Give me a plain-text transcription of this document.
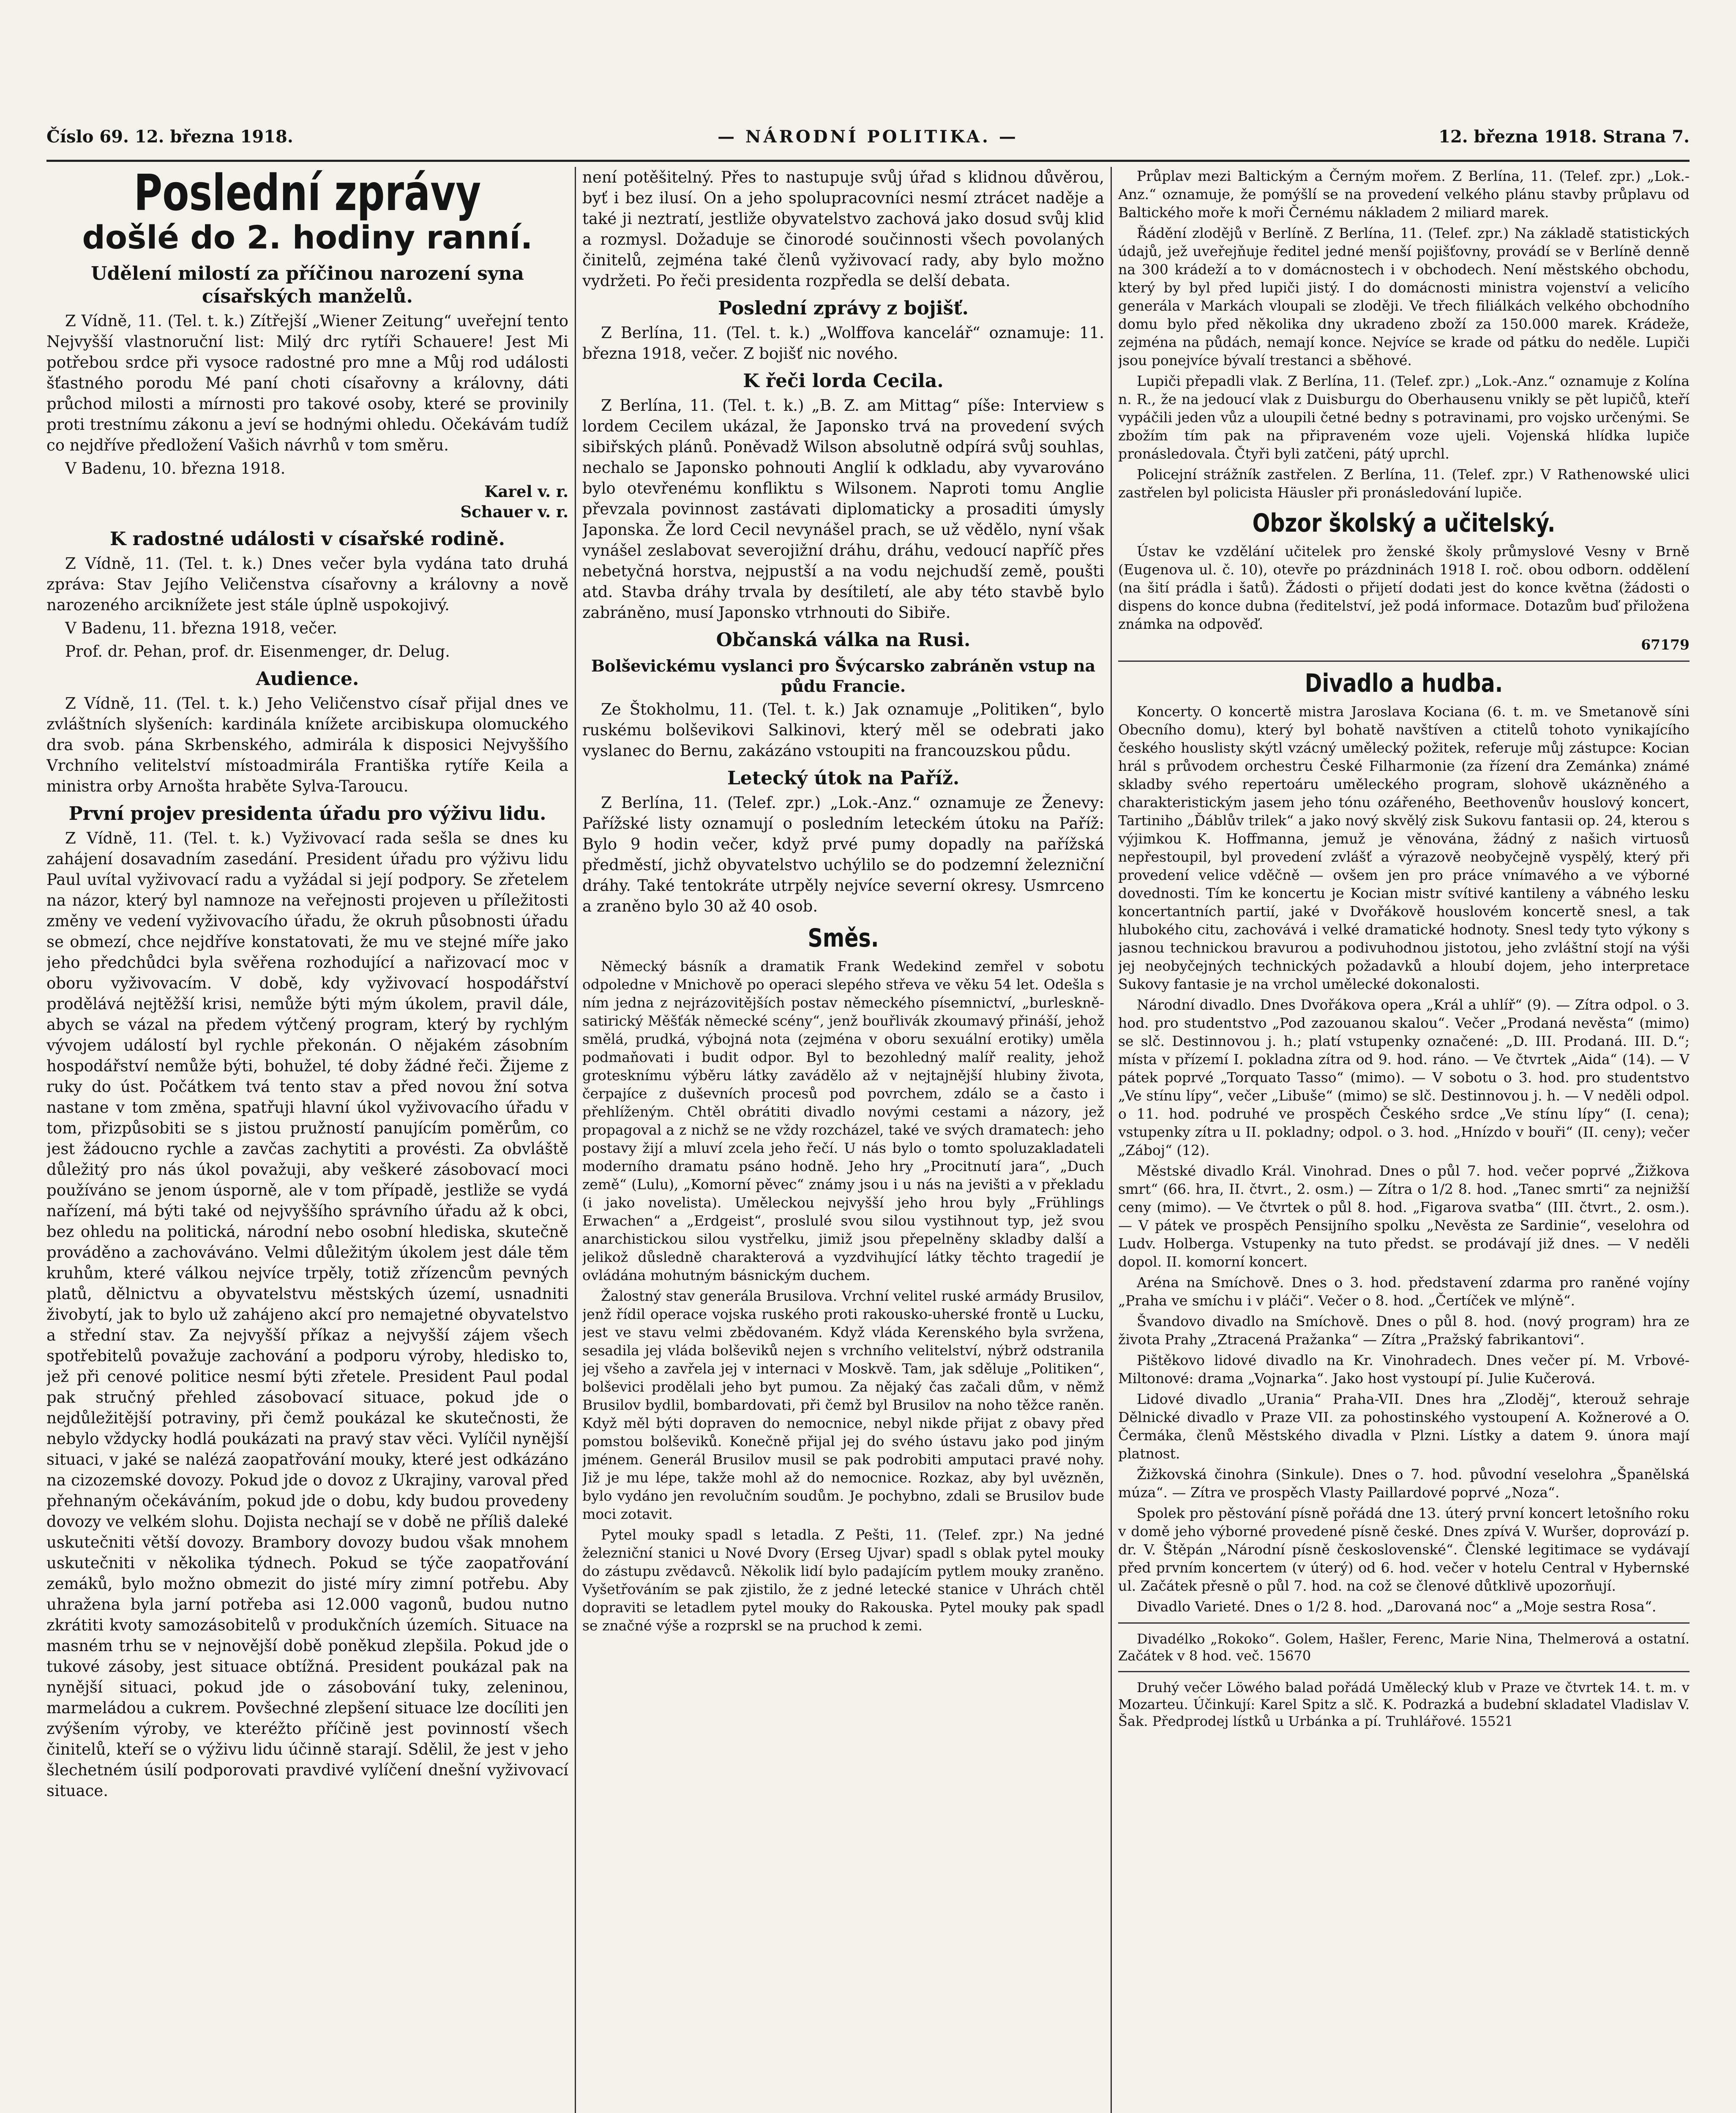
Číslo 69. 12. března 1918.	— NÁRODNÍ POLITIKA. —	12. března 1918. Strana 7.
Poslední zprávy
došlé do 2. hodiny ranní.
Udělení milostí za příčinou narození syna císařských manželů.

Z Vídně, 11. (Tel. t. k.) Zítřejší „Wiener Zeitung“ uveřejní tento Nejvyšší vlastnoruční list: Milý drc rytíři Schauere! Jest Mi potřebou srdce při vysoce radostné pro mne a Můj rod události šťastného porodu Mé paní choti císařovny a královny, dáti průchod milosti a mírnosti pro takové osoby, které se provinily proti trestnímu zákonu a jeví se hodnými ohledu. Očekávám tudíž co nejdříve předložení Vašich návrhů v tom směru.

V Badenu, 10. března 1918.

Karel v. r.

Schauer v. r.

K radostné události v císařské rodině.

Z Vídně, 11. (Tel. t. k.) Dnes večer byla vydána tato druhá zpráva: Stav Jejího Veličenstva císařovny a královny a nově narozeného arciknížete jest stále úplně uspokojivý.

V Badenu, 11. března 1918, večer.

Prof. dr. Pehan, prof. dr. Eisenmenger, dr. Delug.

Audience.

Z Vídně, 11. (Tel. t. k.) Jeho Veličenstvo císař přijal dnes ve zvláštních slyšeních: kardinála knížete arcibiskupa olomuckého dra svob. pána Skrbenského, admirála k disposici Nejvyššího Vrchního velitelství místoadmirála Františka rytíře Keila a ministra orby Arnošta hraběte Sylva-Taroucu.

První projev presidenta úřadu pro výživu lidu.

Z Vídně, 11. (Tel. t. k.) Vyživovací rada sešla se dnes ku zahájení dosavadním zasedání. President úřadu pro výživu lidu Paul uvítal vyživovací radu a vyžádal si její podpory. Se zřetelem na názor, který byl namnoze na veřejnosti projeven u příležitosti změny ve vedení vyživovacího úřadu, že okruh působnosti úřadu se obmezí, chce nejdříve konstatovati, že mu ve stejné míře jako jeho předchůdci byla svěřena rozhodující a nařizovací moc v oboru vyživovacím. V době, kdy vyživovací hospodářství prodělává nejtěžší krisi, nemůže býti mým úkolem, pravil dále, abych se vázal na předem výtčený program, který by rychlým vývojem událostí byl rychle překonán. O nějakém zásobním hospodářství nemůže býti, bohužel, té doby žádné řeči. Žijeme z ruky do úst. Počátkem tvá tento stav a před novou žní sotva nastane v tom změna, spatřuji hlavní úkol vyživovacího úřadu v tom, přizpůsobiti se s jistou pružností panujícím poměrům, co jest žádoucno rychle a zavčas zachytiti a provésti. Za obvláště důležitý pro nás úkol považuji, aby veškeré zásobovací moci používáno se jenom úsporně, ale v tom případě, jestliže se vydá nařízení, má býti také od nejvyššího správního úřadu až k obci, bez ohledu na politická, národní nebo osobní hlediska, skutečně prováděno a zachováváno. Velmi důležitým úkolem jest dále těm kruhům, které válkou nejvíce trpěly, totiž zřízencům pevných platů, dělnictvu a obyvatelstvu městských území, usnadniti živobytí, jak to bylo už zahájeno akcí pro nemajetné obyvatelstvo a střední stav. Za nejvyšší příkaz a nejvyšší zájem všech spotřebitelů považuje zachování a podporu výroby, hledisko to, jež při cenové politice nesmí býti zřetele. President Paul podal pak stručný přehled zásobovací situace, pokud jde o nejdůležitější potraviny, při čemž poukázal ke skutečnosti, že nebylo vždycky hodlá poukázati na pravý stav věci. Vylíčil nynější situaci, v jaké se nalézá zaopatřování mouky, které jest odkázáno na cizozemské dovozy. Pokud jde o dovoz z Ukrajiny, varoval před přehnaným očekáváním, pokud jde o dobu, kdy budou provedeny dovozy ve velkém slohu. Dojista nechají se v době ne příliš daleké uskutečniti větší dovozy. Brambory dovozy budou však mnohem uskutečniti v několika týdnech. Pokud se týče zaopatřování zemáků, bylo možno obmezit do jisté míry zimní potřebu. Aby uhražena byla jarní potřeba asi 12.000 vagonů, budou nutno zkrátiti kvoty samozásobitelů v produkčních územích. Situace na masném trhu se v nejnovější době poněkud zlepšila. Pokud jde o tukové zásoby, jest situace obtížná. President poukázal pak na nynější situaci, pokud jde o zásobování tuky, zeleninou, marmeládou a cukrem. Povšechné zlepšení situace lze docíliti jen zvýšením výroby, ve kteréžto příčině jest povinností všech činitelů, kteří se o výživu lidu účinně starají. Sdělil, že jest v jeho šlechetném úsilí podporovati pravdivé vylíčení dnešní vyživovací situace.

není potěšitelný. Přes to nastupuje svůj úřad s klidnou důvěrou, byť i bez ilusí. On a jeho spolupracovníci nesmí ztrácet naděje a také ji neztratí, jestliže obyvatelstvo zachová jako dosud svůj klid a rozmysl. Dožaduje se činorodé součinnosti všech povolaných činitelů, zejména také členů vyživovací rady, aby bylo možno vydržeti. Po řeči presidenta rozpředla se delší debata.

Poslední zprávy z bojišť.

Z Berlína, 11. (Tel. t. k.) „Wolffova kancelář“ oznamuje: 11. března 1918, večer. Z bojišť nic nového.

K řeči lorda Cecila.

Z Berlína, 11. (Tel. t. k.) „B. Z. am Mittag“ píše: Interview s lordem Cecilem ukázal, že Japonsko trvá na provedení svých sibiřských plánů. Poněvadž Wilson absolutně odpírá svůj souhlas, nechalo se Japonsko pohnouti Anglií k odkladu, aby vyvarováno bylo otevřenému konfliktu s Wilsonem. Naproti tomu Anglie převzala povinnost zastávati diplomaticky a prosaditi úmysly Japonska. Že lord Cecil nevynášel prach, se už vědělo, nyní však vynášel zeslabovat severojižní dráhu, dráhu, vedoucí napříč přes nebetyčná horstva, nejpustší a na vodu nejchudší země, poušti atd. Stavba dráhy trvala by desítiletí, ale aby této stavbě bylo zabráněno, musí Japonsko vtrhnouti do Sibiře.

Občanská válka na Rusi.
Bolševickému vyslanci pro Švýcarsko zabráněn vstup na půdu Francie.

Ze Štokholmu, 11. (Tel. t. k.) Jak oznamuje „Politiken“, bylo ruskému bolševikovi Salkinovi, který měl se odebrati jako vyslanec do Bernu, zakázáno vstoupiti na francouzskou půdu.

Letecký útok na Paříž.

Z Berlína, 11. (Telef. zpr.) „Lok.-Anz.“ oznamuje ze Ženevy: Pařížské listy oznamují o posledním leteckém útoku na Paříž: Bylo 9 hodin večer, když prvé pumy dopadly na pařížská předměstí, jichž obyvatelstvo uchýlilo se do podzemní železniční dráhy. Také tentokráte utrpěly nejvíce severní okresy. Usmrceno a zraněno bylo 30 až 40 osob.

Směs.

Německý básník a dramatik Frank Wedekind zemřel v sobotu odpoledne v Mnichově po operaci slepého střeva ve věku 54 let. Odešla s ním jedna z nejrázovitějších postav německého písemnictví, „burleskně-satirický Měšťák německé scény“, jenž bouřlivák zkoumavý přináší, jehož smělá, prudká, výbojná nota (zejména v oboru sexuální erotiky) uměla podmaňovati i budit odpor. Byl to bezohledný malíř reality, jehož grotesknímu výběru látky zavádělo až v nejtajnější hlubiny života, čerpajíce z duševních procesů pod povrchem, zdálo se a často i přehlíženým. Chtěl obrátiti divadlo novými cestami a názory, jež propagoval a z nichž se ne vždy rozcházel, také ve svých dramatech: jeho postavy žijí a mluví zcela jeho řečí. U nás bylo o tomto spoluzakladateli moderního dramatu psáno hodně. Jeho hry „Procitnutí jara“, „Duch země“ (Lulu), „Komorní pěvec“ známy jsou i u nás na jevišti a v překladu (i jako novelista). Uměleckou nejvyšší jeho hrou byly „Frühlings Erwachen“ a „Erdgeist“, proslulé svou silou vystihnout typ, jež svou anarchistickou silou vystřelku, jimiž jsou přepelněny skladby další a jelikož důsledně charakterová a vyzdvihující látky těchto tragedií je ovládána mohutným básnickým duchem.

Žalostný stav generála Brusilova. Vrchní velitel ruské armády Brusilov, jenž řídil operace vojska ruského proti rakousko-uherské frontě u Lucku, jest ve stavu velmi zbědovaném. Když vláda Kerenského byla svržena, sesadila jej vláda bolševiků nejen s vrchního velitelství, nýbrž odstranila jej všeho a zavřela jej v internaci v Moskvě. Tam, jak sděluje „Politiken“, bolševici prodělali jeho byt pumou. Za nějaký čas začali dům, v němž Brusilov bydlil, bombardovati, při čemž byl Brusilov na noho těžce raněn. Když měl býti dopraven do nemocnice, nebyl nikde přijat z obavy před pomstou bolševiků. Konečně přijal jej do svého ústavu jako pod jiným jménem. Generál Brusilov musil se pak podrobiti amputaci pravé nohy. Již je mu lépe, takže mohl až do nemocnice. Rozkaz, aby byl uvězněn, bylo vydáno jen revolučním soudům. Je pochybno, zdali se Brusilov bude moci zotavit.

Pytel mouky spadl s letadla. Z Pešti, 11. (Telef. zpr.) Na jedné železniční stanici u Nové Dvory (Erseg Ujvar) spadl s oblak pytel mouky do zástupu zvědavců. Několik lidí bylo padajícím pytlem mouky zraněno. Vyšetřováním se pak zjistilo, že z jedné letecké stanice v Uhrách chtěl dopraviti se letadlem pytel mouky do Rakouska. Pytel mouky pak spadl se značné výše a rozprskl se na pruchod k zemi.

Průplav mezi Baltickým a Černým mořem. Z Berlína, 11. (Telef. zpr.) „Lok.-Anz.“ oznamuje, že pomýšlí se na provedení velkého plánu stavby průplavu od Baltického moře k moři Černému nákladem 2 miliard marek.

Řádění zlodějů v Berlíně. Z Berlína, 11. (Telef. zpr.) Na základě statistických údajů, jež uveřejňuje ředitel jedné menší pojišťovny, provádí se v Berlíně denně na 300 krádeží a to v domácnostech i v obchodech. Není městského obchodu, který by byl před lupiči jistý. I do domácnosti ministra vojenství a velicího generála v Markách vloupali se zloději. Ve třech filiálkách velkého obchodního domu bylo před několika dny ukradeno zboží za 150.000 marek. Krádeže, zejména na půdách, nemají konce. Nejvíce se krade od pátku do neděle. Lupiči jsou ponejvíce bývalí trestanci a sběhové.

Lupiči přepadli vlak. Z Berlína, 11. (Telef. zpr.) „Lok.-Anz.“ oznamuje z Kolína n. R., že na jedoucí vlak z Duisburgu do Oberhausenu vnikly se pět lupičů, kteří vypáčili jeden vůz a uloupili četné bedny s potravinami, pro vojsko určenými. Se zbožím tím pak na připraveném voze ujeli. Vojenská hlídka lupiče pronásledovala. Čtyři byli zatčeni, pátý uprchl.

Policejní strážník zastřelen. Z Berlína, 11. (Telef. zpr.) V Rathenowské ulici zastřelen byl policista Häusler při pronásledování lupiče.

Obzor školský a učitelský.

Ústav ke vzdělání učitelek pro ženské školy průmyslové Vesny v Brně (Eugenova ul. č. 10), otevře po prázdninách 1918 I. roč. obou odborn. oddělení (na šití prádla i šatů). Žádosti o přijetí dodati jest do konce května (žádosti o dispens do konce dubna (ředitelství, jež podá informace. Dotazům buď přiložena známka na odpověď.

67179

Divadlo a hudba.

Koncerty. O koncertě mistra Jaroslava Kociana (6. t. m. ve Smetanově síni Obecního domu), který byl bohatě navštíven a ctitelů tohoto vynikajícího českého houslisty skýtl vzácný umělecký požitek, referuje můj zástupce: Kocian hrál s průvodem orchestru České Filharmonie (za řízení dra Zemánka) známé skladby svého repertoáru uměleckého program, slohově ukázněného a charakteristickým jasem jeho tónu ozářeného, Beethovenův houslový koncert, Tartiniho „Ďáblův trilek“ a jako nový skvělý zisk Sukovu fantasii op. 24, kterou s výjimkou K. Hoffmanna, jemuž je věnována, žádný z našich virtuosů nepřestoupil, byl provedení zvlášť a výrazově neobyčejně vyspělý, který při provedení velice vděčně — ovšem jen pro práce vnímavého a ve výborné dovednosti. Tím ke koncertu je Kocian mistr svítivé kantileny a vábného lesku koncertantních partií, jaké v Dvořákově houslovém koncertě snesl, a tak hlubokého citu, zachovává i velké dramatické hodnoty. Snesl tedy tyto výkony s jasnou technickou bravurou a podivuhodnou jistotou, jeho zvláštní stojí na výši jej neobyčejných technických požadavků a hloubí dojem, jeho interpretace Sukovy fantasie je na vrchol umělecké dokonalosti.

Národní divadlo. Dnes Dvořákova opera „Král a uhlíř“ (9). — Zítra odpol. o 3. hod. pro studentstvo „Pod zazouanou skalou“. Večer „Prodaná nevěsta“ (mimo) se slč. Destinnovou j. h.; platí vstupenky označené: „D. III. Prodaná. III. D.“; místa v přízemí I. pokladna zítra od 9. hod. ráno. — Ve čtvrtek „Aida“ (14). — V pátek poprvé „Torquato Tasso“ (mimo). — V sobotu o 3. hod. pro studentstvo „Ve stínu lípy“, večer „Libuše“ (mimo) se slč. Destinnovou j. h. — V neděli odpol. o 11. hod. podruhé ve prospěch Českého srdce „Ve stínu lípy“ (I. cena); vstupenky zítra u II. pokladny; odpol. o 3. hod. „Hnízdo v bouři“ (II. ceny); večer „Záboj“ (12).

Městské divadlo Král. Vinohrad. Dnes o půl 7. hod. večer poprvé „Žižkova smrt“ (66. hra, II. čtvrt., 2. osm.) — Zítra o 1/2 8. hod. „Tanec smrti“ za nejnižší ceny (mimo). — Ve čtvrtek o půl 8. hod. „Figarova svatba“ (III. čtvrt., 2. osm.). — V pátek ve prospěch Pensijního spolku „Nevěsta ze Sardinie“, veselohra od Ludv. Holberga. Vstupenky na tuto předst. se prodávají již dnes. — V neděli dopol. II. komorní koncert.

Aréna na Smíchově. Dnes o 3. hod. představení zdarma pro raněné vojíny „Praha ve smíchu i v pláči“. Večer o 8. hod. „Čertíček ve mlýně“.

Švandovo divadlo na Smíchově. Dnes o půl 8. hod. (nový program) hra ze života Prahy „Ztracená Pražanka“ — Zítra „Pražský fabrikantovi“.

Pištěkovo lidové divadlo na Kr. Vinohradech. Dnes večer pí. M. Vrbové-Miltonové: drama „Vojnarka“. Jako host vystoupí pí. Julie Kučerová.

Lidové divadlo „Urania“ Praha-VII. Dnes hra „Zloděj“, kterouž sehraje Dělnické divadlo v Praze VII. za pohostinského vystoupení A. Kožnerové a O. Čermáka, členů Městského divadla v Plzni. Lístky a datem 9. února mají platnost.

Žižkovská činohra (Sinkule). Dnes o 7. hod. původní veselohra „Španělská múza“. — Zítra ve prospěch Vlasty Paillardové poprvé „Noza“.

Spolek pro pěstování písně pořádá dne 13. úterý první koncert letošního roku v domě jeho výborné provedené písně české. Dnes zpívá V. Wuršer, doprovází p. dr. V. Štěpán „Národní písně československé“. Členské legitimace se vydávají před prvním koncertem (v úterý) od 6. hod. večer v hotelu Central v Hybernské ul. Začátek přesně o půl 7. hod. na což se členové důtklivě upozorňují.

Divadlo Varieté. Dnes o 1/2 8. hod. „Darovaná noc“ a „Moje sestra Rosa“.

Divadélko „Rokoko“. Golem, Hašler, Ferenc, Marie Nina, Thelmerová a ostatní. Začátek v 8 hod. več. 15670

Druhý večer Löwého balad pořádá Umělecký klub v Praze ve čtvrtek 14. t. m. v Mozarteu. Účinkují: Karel Spitz a slč. K. Podrazká a budební skladatel Vladislav V. Šak. Předprodej lístků u Urbánka a pí. Truhlářové. 15521
